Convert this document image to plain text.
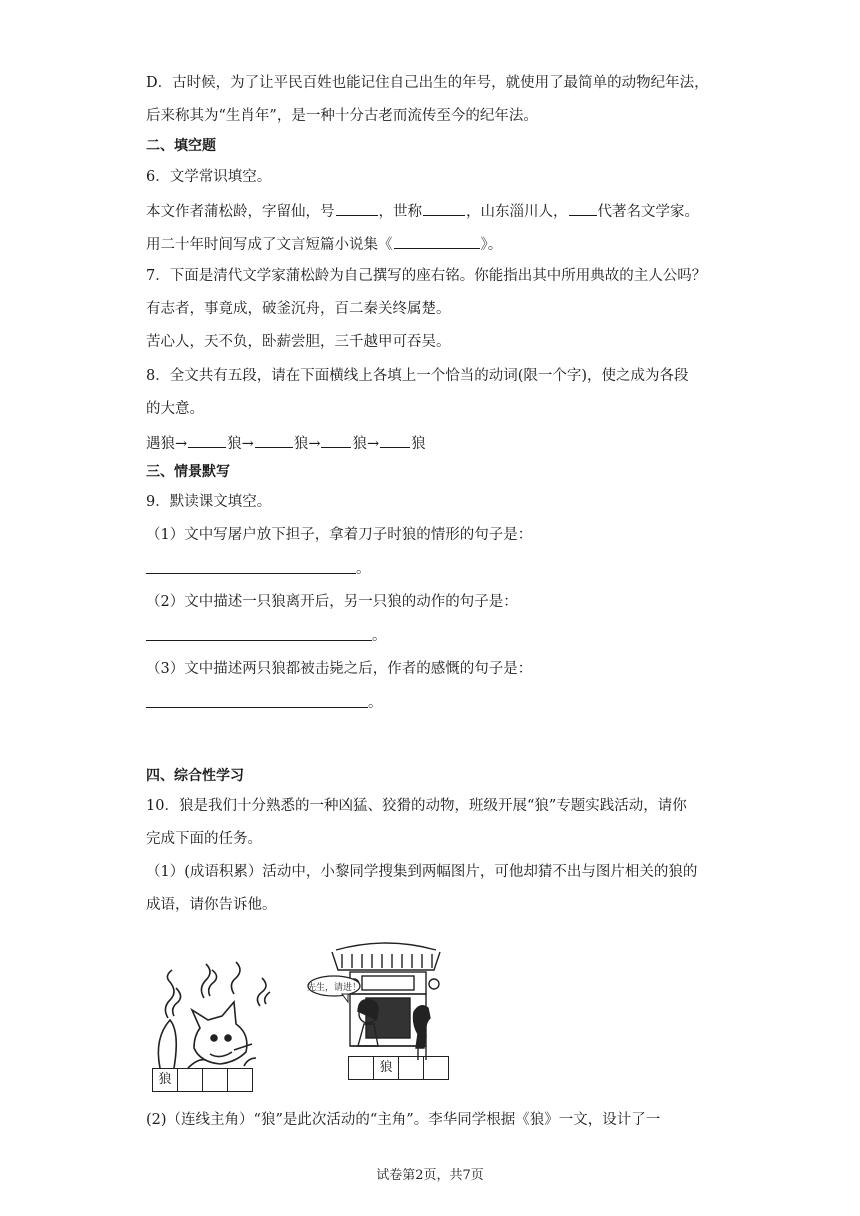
D．古时候，为了让平民百姓也能记住自己出生的年号，就使用了最简单的动物纪年法，
后来称其为“生肖年”，是一种十分古老而流传至今的纪年法。
二、填空题
6．文学常识填空。
本文作者蒲松龄，字留仙，号	，世称	，山东淄川人， 代著名文学家。
用二十年时间写成了文言短篇小说集《	》。
7．下面是清代文学家蒲松龄为自己撰写的座右铭。你能指出其中所用典故的主人公吗？
有志者，事竟成，破釜沉舟，百二秦关终属楚。
苦心人，天不负，卧薪尝胆，三千越甲可吞吴。
8．全文共有五段，请在下面横线上各填上一个恰当的动词(限一个字)，使之成为各段
的大意。
遇狼→	狼→	狼→ 狼→ 狼
三、情景默写
9．默读课文填空。
（1）文中写屠户放下担子，拿着刀子时狼的情形的句子是：
。
（2）文中描述一只狼离开后，另一只狼的动作的句子是：
。
（3）文中描述两只狼都被击毙之后，作者的感慨的句子是：
。
四、综合性学习
10．狼是我们十分熟悉的一种凶猛、狡猾的动物，班级开展“狼”专题实践活动，请你
完成下面的任务。
（1）(成语积累）活动中，小黎同学搜集到两幅图片，可他却猜不出与图片相关的狼的
成语，请你告诉他。
狼
先生，请进！
狼
(2)（连线主角）“狼”是此次活动的“主角”。李华同学根据《狼》一文，设计了一
试卷第2页，共7页
